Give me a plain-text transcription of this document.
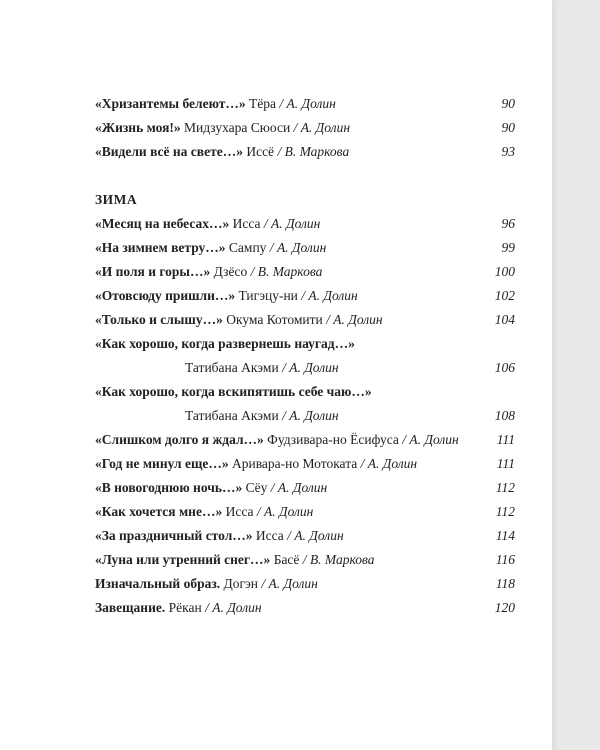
«Хризантемы белеют…» Тёра / А. Долин	90
«Жизнь моя!» Мидзухара Сюоси / А. Долин	90
«Видели всё на свете…» Иссё / В. Маркова	93
ЗИМА
«Месяц на небесах…» Исса / А. Долин	96
«На зимнем ветру…» Сампу / А. Долин	99
«И поля и горы…» Дзёсо / В. Маркова	100
«Отовсюду пришли…» Тигэцу-ни / А. Долин	102
«Только и слышу…» Окума Котомити / А. Долин	104
«Как хорошо, когда развернешь наугад…»
Татибана Акэми / А. Долин	106
«Как хорошо, когда вскипятишь себе чаю…»
Татибана Акэми / А. Долин	108
«Слишком долго я ждал…» Фудзивара-но Ёсифуса / А. Долин	111
«Год не минул еще…» Аривара-но Мотоката / А. Долин	111
«В новогоднюю ночь…» Сёу / А. Долин	112
«Как хочется мне…» Исса / А. Долин	112
«За праздничный стол…» Исса / А. Долин	114
«Луна или утренний снег…» Басё / В. Маркова	116
Изначальный образ. Догэн / А. Долин	118
Завещание. Рёкан / А. Долин	120
